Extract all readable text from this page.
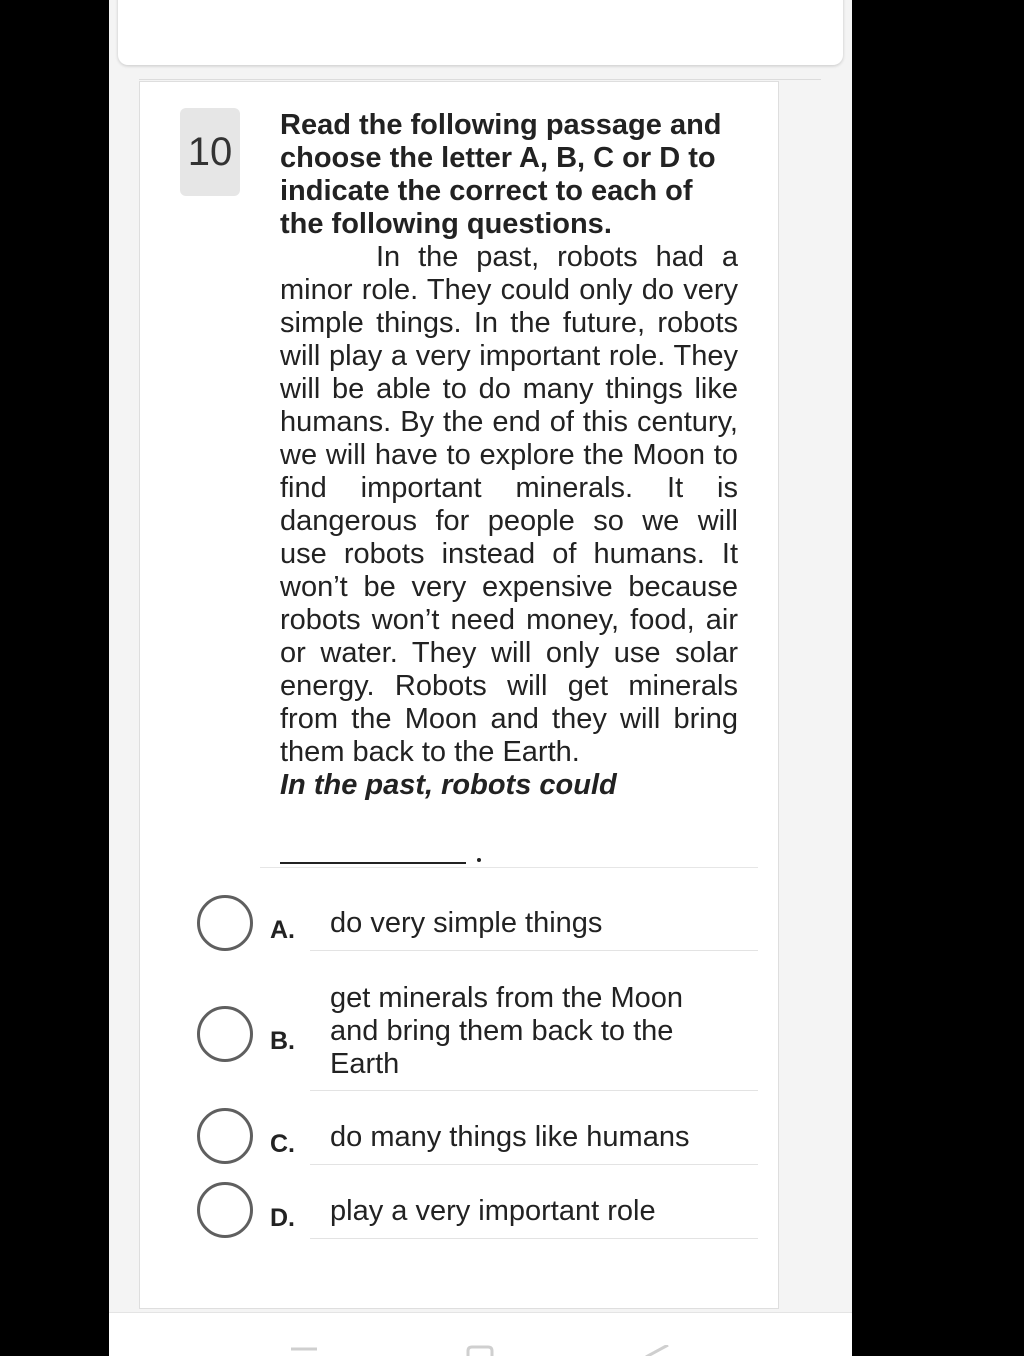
10

Read the following passage and choose the letter A, B, C or D to indicate the correct to each of the following questions.

In the past, robots had a minor role. They could only do very simple things. In the future, robots will play a very important role. They will be able to do many things like humans. By the end of this century, we will have to explore the Moon to find important minerals. It is dangerous for people so we will use robots instead of humans. It won’t be very expensive because robots won’t need money, food, air or water. They will only use solar energy. Robots will get minerals from the Moon and they will bring them back to the Earth.

In the past, robots could

A. do very simple things
B.
get minerals from the Moon and bring them back to the Earth
C. do many things like humans
D. play a very important role
